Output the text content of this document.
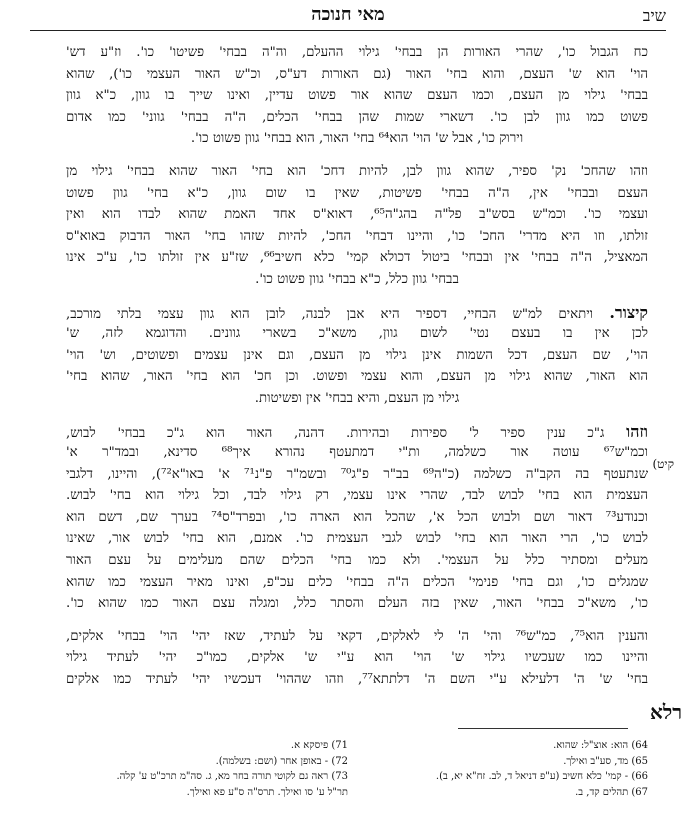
שיב
מאי חנוכה
כח הגבול כו', שהרי האורות הן בבחי' גילוי ההעלם, וה"ה בבחי' פשיטו' כו'. וז"ע דש'
הוי' הוא ש' העצם, והוא בחי' האור (גם האורות דע"ס, וכ"ש האור העצמי כו'), שהוא
בבחי' גילוי מן העצם, וכמו העצם שהוא אור פשוט עדיין, ואינו שייך בו גוון, כ"א גוון
פשוט כמו גוון לבן כו'. דשארי שמות שהן בבחי' הכלים, ה"ה בבחי' גווני' כמו אדום
וירוק כו', אבל ש' הוי' הוא⁶⁴ בחי' האור, הוא בבחי' גוון פשוט כו'.
וזהו שהחכ' נק' ספיר, שהוא גוון לבן, להיות דחכ' הוא בחי' האור שהוא בבחי' גילוי מן
העצם ובבחי' אין, ה"ה בבחי' פשיטות, שאין בו שום גוון, כ"א בחי' גוון פשוט
ועצמי כו'. וכמ"ש בסש"ב פל"ה בהג"ה⁶⁵, דאוא"ס אחד האמת שהוא לבדו הוא ואין
זולתו, וזו היא מדרי' החכ' כו', והיינו דבחי' החכ', להיות שזהו בחי' האור הדבוק באוא"ס
המאציל, ה"ה בבחי' אין ובבחי' ביטול דכולא קמי' כלא חשיב⁶⁶, שז"ע אין זולתו כו', ע"כ אינו
בבחי' גוון כלל, כ"א בבחי' גוון פשוט כו'.
קיצור. ויתאים למ"ש הבחיי, דספיר היא אבן לבנה, לובן הוא גוון עצמי בלתי מורכב,
לכן אין בו בעצם נטי' לשום גוון, משא"כ בשארי גוונים. והדוגמא לזה, ש'
הוי', שם העצם, דכל השמות אינן גילוי מן העצם, וגם אינן עצמים ופשוטים, וש' הוי'
הוא האור, שהוא גילוי מן העצם, והוא עצמי ופשוט. וכן חכ' הוא בחי' האור, שהוא בחי'
גילוי מן העצם, והיא בבחי' אין ופשיטות.
וזהו ג"כ ענין ספיר ל' ספירות ובהירות. דהנה, האור הוא ג"כ בבחי' לבוש,
וכמ"ש⁶⁷ עוטה אור כשלמה, ות"י דמתעטף נהורא איך⁶⁸ סדינא, ובמד"ר א'
שנתעטף בה הקב"ה כשלמה (כ"ה⁶⁹ בב"ר פ"ג⁷⁰ ובשמ"ר פ"נ⁷¹ א' באו"א⁷²), והיינו, דלגבי
העצמית הוא בחי' לבוש לבד, שהרי אינו עצמי, רק גילוי לבד, וכל גילוי הוא בחי' לבוש.
וכנודע⁷³ דאור ושם ולבוש הכל א', שהכל הוא הארה כו', ובפרד"ס⁷⁴ בערך שם, דשם הוא
לבוש כו', הרי האור הוא בחי' לבוש לגבי העצמית כו'. אמנם, הוא בחי' לבוש אור, שאינו
מעלים ומסתיר כלל על העצמי'. ולא כמו בחי' הכלים שהם מעלימים על עצם האור
שמגלים כו', וגם בחי' פנימי' הכלים ה"ה בבחי' כלים עכ"פ, ואינו מאיר העצמי כמו שהוא
כו', משא"כ בבחי' האור, שאין בזה העלם והסתר כלל, ומגלה עצם האור כמו שהוא כו'.
והענין הוא⁷⁵, כמ"ש⁷⁶ והי' ה' לי לאלקים, דקאי על לעתיד, שאז יהי' הוי' בבחי' אלקים,
והיינו כמו שעכשיו גילוי ש' הוי' הוא ע"י ש' אלקים, כמו"כ יהי' לעתיד גילוי
בחי' ש' ה' דלעילא ע"י השם ה' דלתתא⁷⁷, וזהו שההוי' דעכשיו יהי' לעתיד כמו אלקים
קיט)
רלא
64) הוא: אוצ"ל: שהוא.
65) מד, סע"ב ואילך.
66) - קמי' כלא חשיב (ע"פ דניאל ד, לב. זח"א יא, ב).
67) תהלים קד, ב.
71) פיסקא א.
72) - באופן אחר (ושם: בשלמה).
73) ראה גם לקוטי תורה בחר מא, ג. סה"מ תרכ"ט ע' קלה.
תר"ל ע' סו ואילך. תרס"ה ס"ע פא ואילך.
